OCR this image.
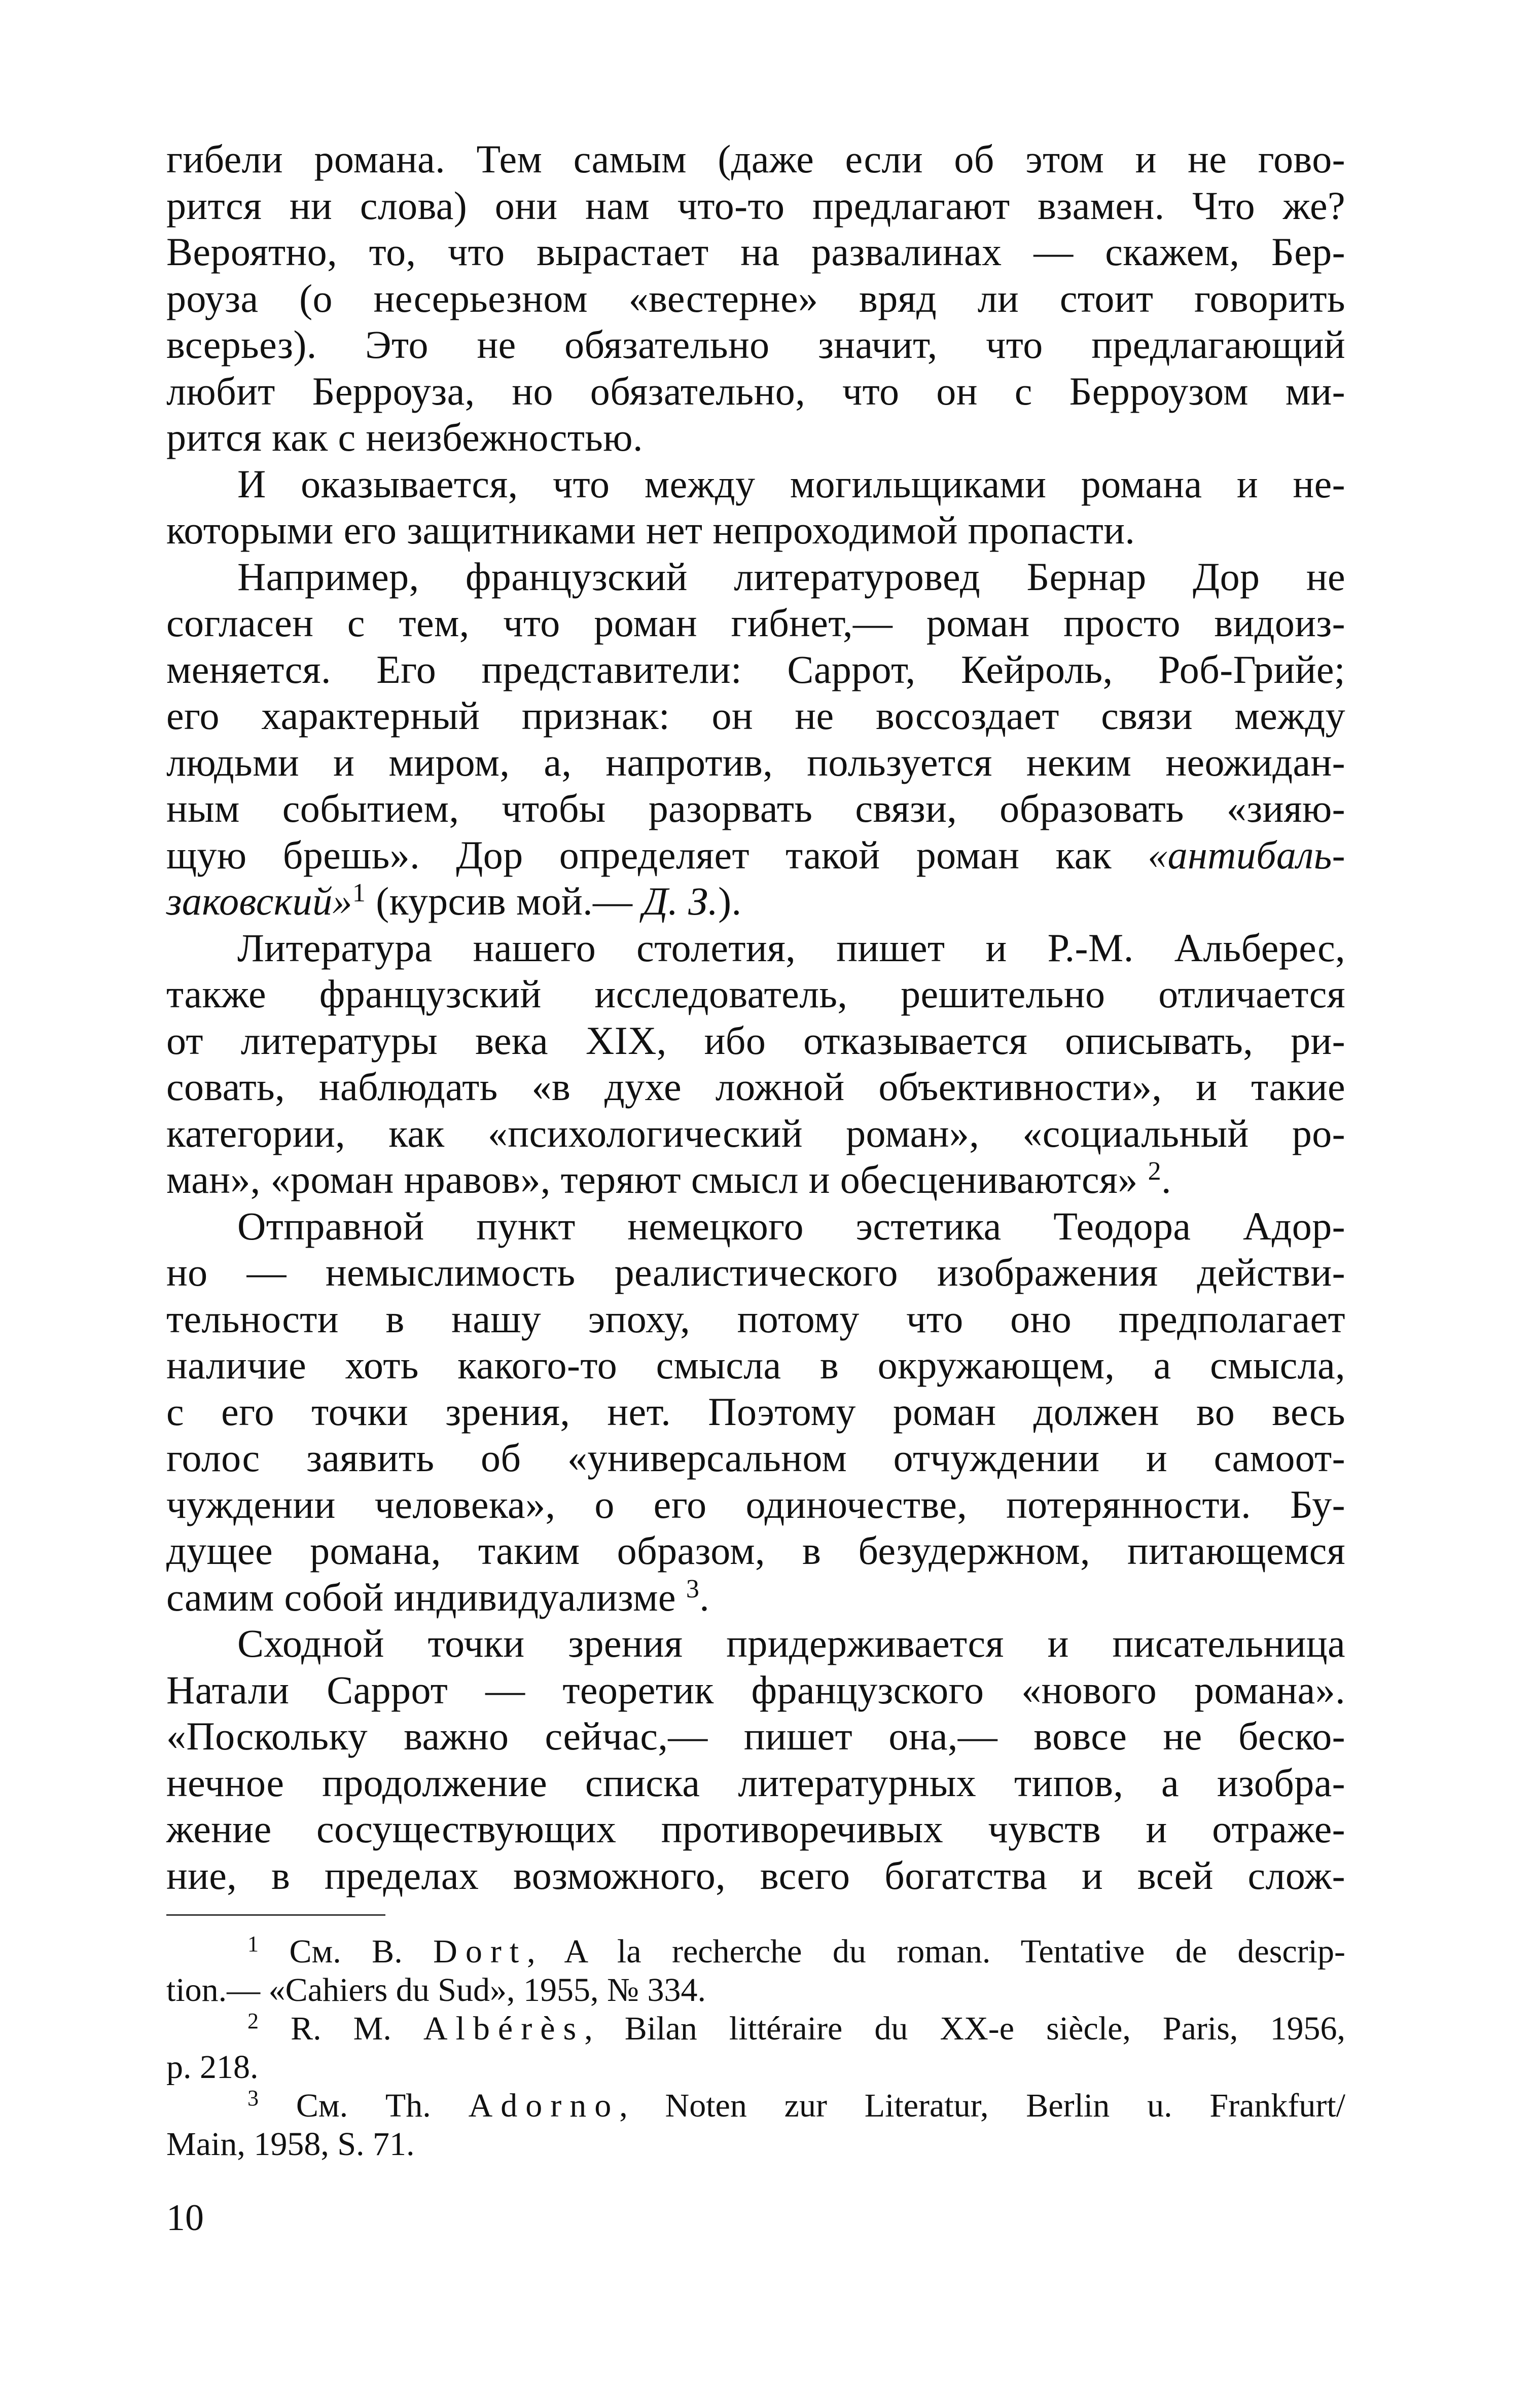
гибели романа. Тем самым (даже если об этом и не гово-
рится ни слова) они нам что-то предлагают взамен. Что же?
Вероятно, то, что вырастает на развалинах — скажем, Бер-
роуза (о несерьезном «вестерне» вряд ли стоит говорить
всерьез). Это не обязательно значит, что предлагающий
любит Берроуза, но обязательно, что он с Берроузом ми-
рится как с неизбежностью.
И оказывается, что между могильщиками романа и не-
которыми его защитниками нет непроходимой пропасти.
Например, французский литературовед Бернар Дор не
согласен с тем, что роман гибнет,— роман просто видоиз-
меняется. Его представители: Саррот, Кейроль, Роб-Грийе;
его характерный признак: он не воссоздает связи между
людьми и миром, а, напротив, пользуется неким неожидан-
ным событием, чтобы разорвать связи, образовать «зияю-
щую брешь». Дор определяет такой роман как «антибаль-
заковский»$^1$ (курсив мой.— Д. З.).
Литература нашего столетия, пишет и Р.-М. Альберес,
также французский исследователь, решительно отличается
от литературы века XIX, ибо отказывается описывать, ри-
совать, наблюдать «в духе ложной объективности», и такие
категории, как «психологический роман», «социальный ро-
ман», «роман нравов», теряют смысл и обесцениваются» $^2$.
Отправной пункт немецкого эстетика Теодора Адор-
но — немыслимость реалистического изображения действи-
тельности в нашу эпоху, потому что оно предполагает
наличие хоть какого-то смысла в окружающем, а смысла,
с его точки зрения, нет. Поэтому роман должен во весь
голос заявить об «универсальном отчуждении и самоот-
чуждении человека», о его одиночестве, потерянности. Бу-
дущее романа, таким образом, в безудержном, питающемся
самим собой индивидуализме $^3$.
Сходной точки зрения придерживается и писательница
Натали Саррот — теоретик французского «нового романа».
«Поскольку важно сейчас,— пишет она,— вовсе не беско-
нечное продолжение списка литературных типов, а изобра-
жение сосуществующих противоречивых чувств и отраже-
ние, в пределах возможного, всего богатства и всей слож-
$^1$ См. B. Dort, A la recherche du roman. Tentative de descrip-
tion.— «Cahiers du Sud», 1955, № 334.
$^2$ R. M. Albérès, Bilan littéraire du XX-e siècle, Paris, 1956,
p. 218.
$^3$ См. Th. Adorno, Noten zur Literatur, Berlin u. Frankfurt/
Main, 1958, S. 71.
10
